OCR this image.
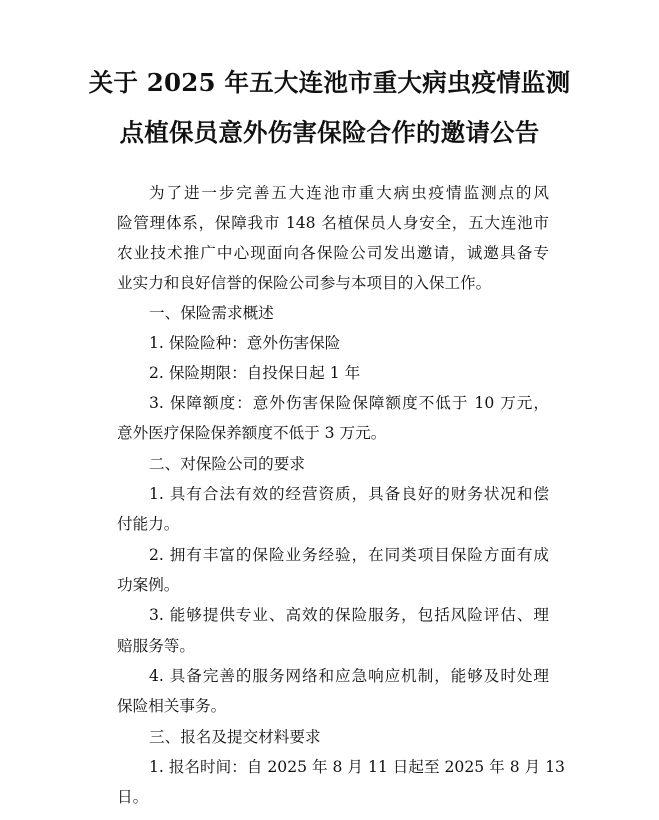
关于 2025 年五大连池市重大病虫疫情监测
点植保员意外伤害保险合作的邀请公告
为了进一步完善五大连池市重大病虫疫情监测点的风
险管理体系，保障我市 148 名植保员人身安全，五大连池市
农业技术推广中心现面向各保险公司发出邀请，诚邀具备专
业实力和良好信誉的保险公司参与本项目的入保工作。
一、保险需求概述
1. 保险险种：意外伤害保险
2. 保险期限：自投保日起 1 年
3. 保障额度：意外伤害保险保障额度不低于 10 万元，
意外医疗保险保养额度不低于 3 万元。
二、对保险公司的要求
1. 具有合法有效的经营资质，具备良好的财务状况和偿
付能力。
2. 拥有丰富的保险业务经验，在同类项目保险方面有成
功案例。
3. 能够提供专业、高效的保险服务，包括风险评估、理
赔服务等。
4. 具备完善的服务网络和应急响应机制，能够及时处理
保险相关事务。
三、报名及提交材料要求
1. 报名时间：自 2025 年 8 月 11 日起至 2025 年 8 月 13
日。
